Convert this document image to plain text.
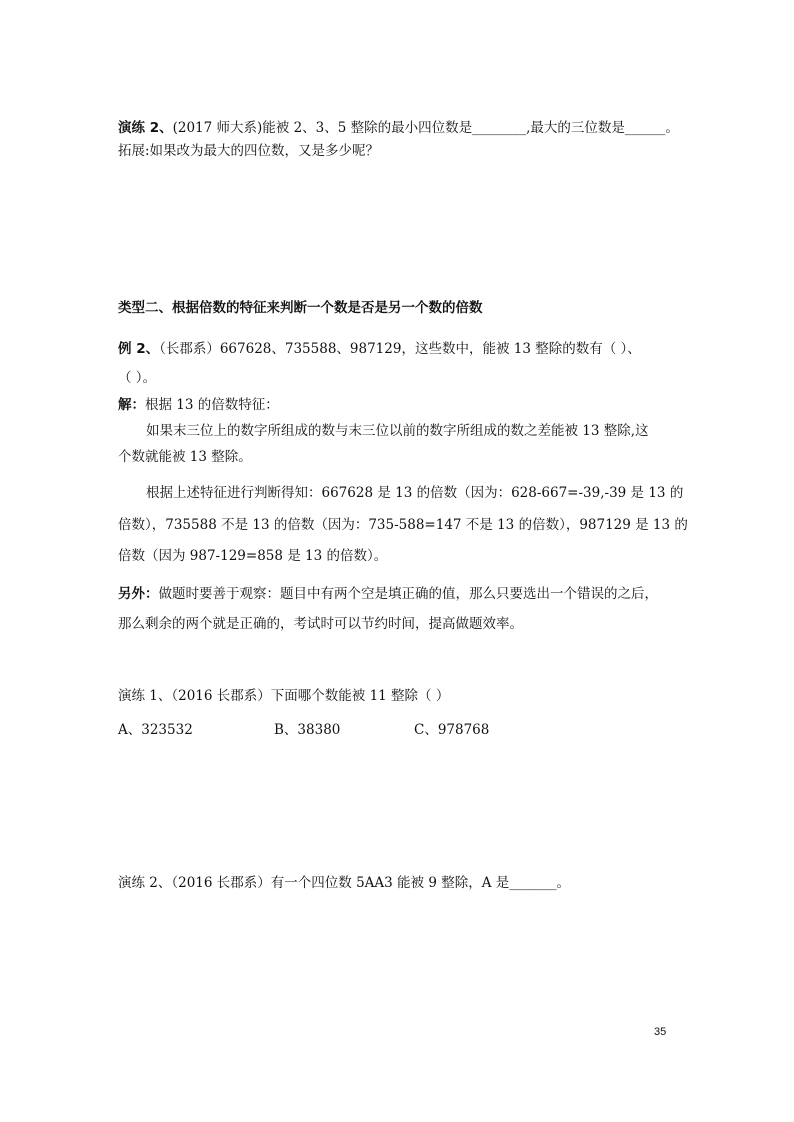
演练 2、(2017 师大系)能被 2、3、5 整除的最小四位数是________,最大的三位数是______。
拓展:如果改为最大的四位数，又是多少呢？
类型二、根据倍数的特征来判断一个数是否是另一个数的倍数
例 2、（长郡系）667628、735588、987129，这些数中，能被 13 整除的数有（ ）、
（ ）。
解：根据 13 的倍数特征：
如果末三位上的数字所组成的数与末三位以前的数字所组成的数之差能被 13 整除,这
个数就能被 13 整除。
根据上述特征进行判断得知：667628 是 13 的倍数（因为：628-667=-39,-39 是 13 的
倍数），735588 不是 13 的倍数（因为：735-588=147 不是 13 的倍数），987129 是 13 的
倍数（因为 987-129=858 是 13 的倍数）。
另外：做题时要善于观察：题目中有两个空是填正确的值，那么只要选出一个错误的之后，
那么剩余的两个就是正确的，考试时可以节约时间，提高做题效率。
演练 1、（2016 长郡系）下面哪个数能被 11 整除（ ）
A、323532	B、38380	C、978768
演练 2、（2016 长郡系）有一个四位数 5AA3 能被 9 整除，A 是_______。
35
